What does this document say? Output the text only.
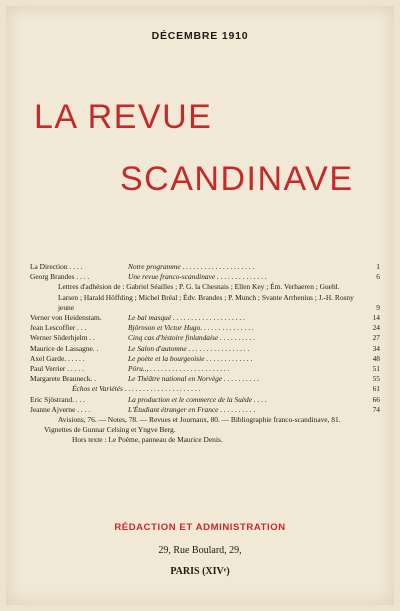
DÉCEMBRE 1910
LA REVUE
SCANDINAVE
La Direction . . . .	Notre programme . . . . . . . . . . . . . . . . . . . .	1
Georg Brandes . . . .	Une revue franco-scandinave . . . . . . . . . . . . . .	6
Lettres d'adhésion de : Gabriel Séailles ; P. G. la Chesnais ; Ellen Key ; Ém. Verhaeren ; Guehl. Larsen ; Harald Höffding ; Michel Bréal ; Édv. Brandes ; P. Munch ; Svante Arrhenius ; J.-H. Rosny jeune	9
Verner von Heidenstam.	Le bal masqué . . . . . . . . . . . . . . . . . . . .	14
Jean Lescoffier . . .	Björnson et Victor Hugo. . . . . . . . . . . . . . .	24
Werner Söderhjelm . .	Cinq cas d'histoire finlandaise . . . . . . . . . .	27
Maurice de Lassagne. .	Le Salon d'automne . . . . . . . . . . . . . . . . .	34
Axel Garde. . . . . .	Le poète et la bourgeoisie . . . . . . . . . . . . .	48
Paul Verrier . . . . .	Pöru.., . . . . . . . . . . . . . . . . . . . . . .	51
Margarete Brauneck. .	Le Théâtre national en Norvège . . . . . . . . . .	55
Échos et Variétés . . . . . . . . . . . . . . . . . . . . .	61
Eric Sjöstrand. . . .	La production et le commerce de la Suède . . . .	66
Jeanne Ajverne . . . .	L'Étudiant étranger en France . . . . . . . . . .	74
Avisions, 76. — Notes, 78. — Revues et Journaux, 80. — Bibliographie franco-scandinave, 81.
Vignettes de Gunnar Celsing et Yngve Berg.
Hors texte : Le Poème, panneau de Maurice Denis.
RÉDACTION ET ADMINISTRATION
29, Rue Boulard, 29,
PARIS (XIVᵉ)
